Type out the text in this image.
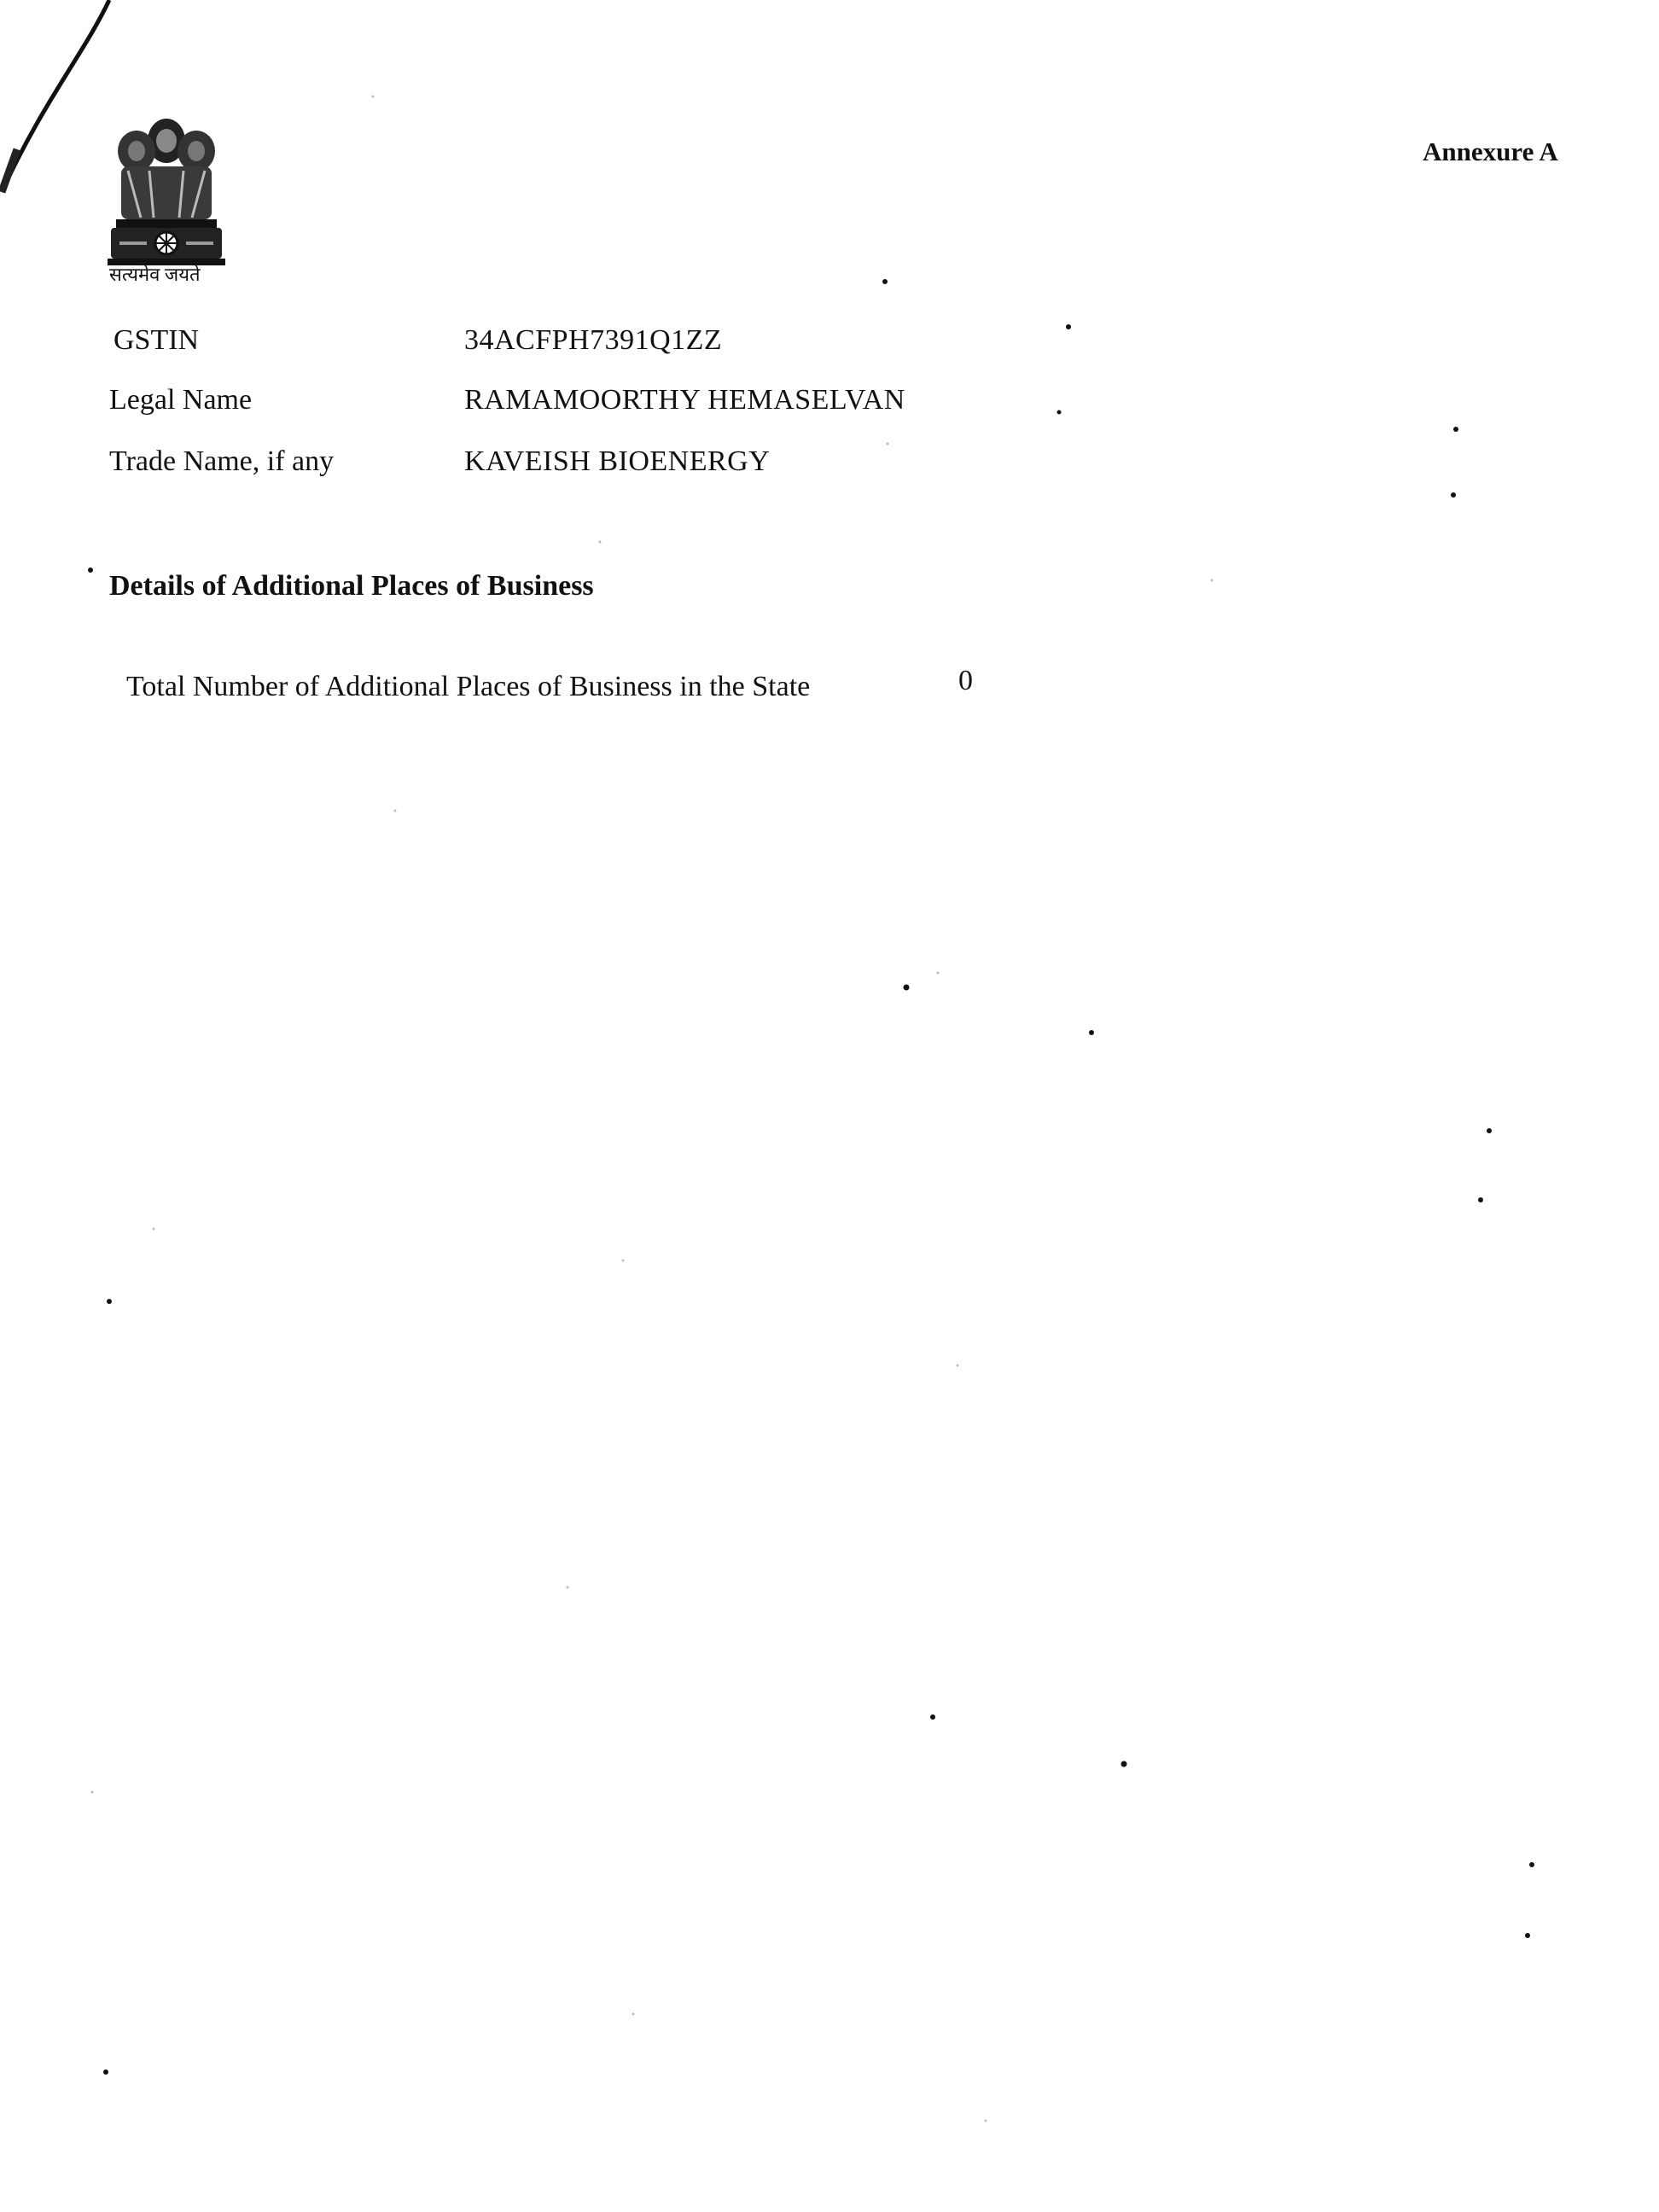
सत्यमेव जयते
Annexure A
GSTIN	34ACFPH7391Q1ZZ
Legal Name	RAMAMOORTHY HEMASELVAN
Trade Name, if any	KAVEISH BIOENERGY
Details of Additional Places of Business
Total Number of Additional Places of Business in the State	0
